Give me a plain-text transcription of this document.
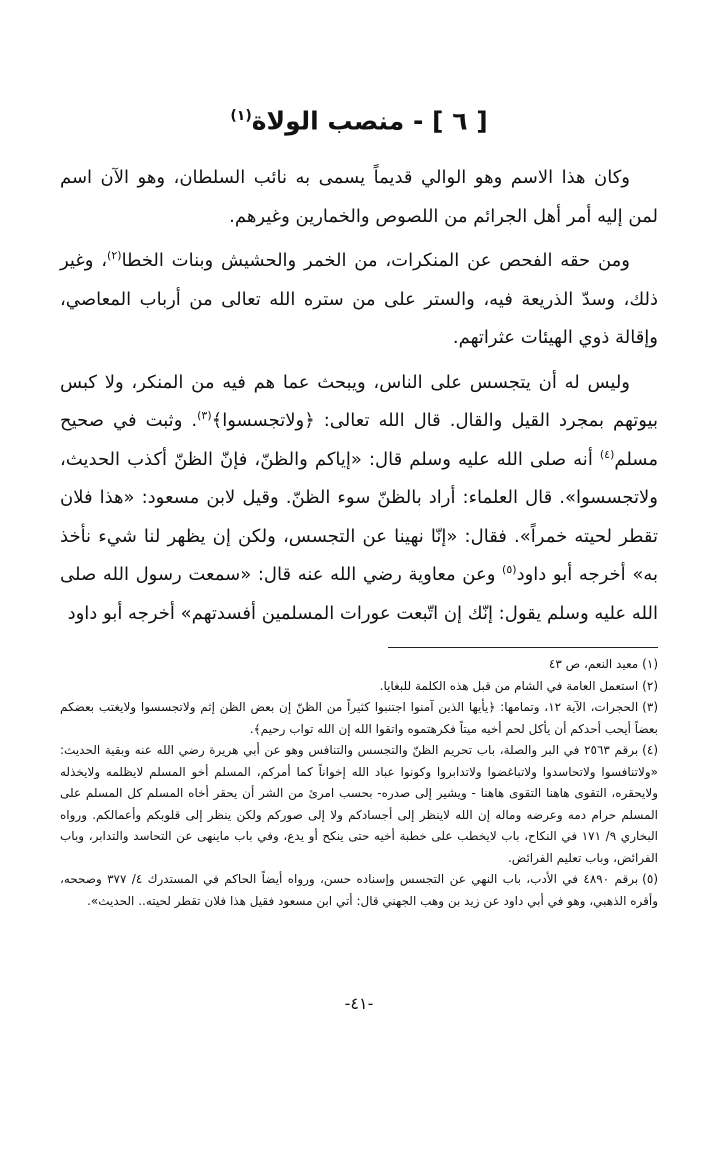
[ ٦ ] - منصب الولاة$^{(١)}$

وكان هذا الاسم وهو الوالي قديماً يسمى به نائب السلطان، وهو الآن اسم لمن إليه أمر أهل الجرائم من اللصوص والخمارين وغيرهم.

ومن حقه الفحص عن المنكرات، من الخمر والحشيش وبنات الخطا$^{(٢)}$، وغير ذلك، وسدّ الذريعة فيه، والستر على من ستره الله تعالى من أرباب المعاصي، وإقالة ذوي الهيئات عثراتهم.

وليس له أن يتجسس على الناس، ويبحث عما هم فيه من المنكر، ولا كبس بيوتهم بمجرد القيل والقال. قال الله تعالى: ﴿ولاتجسسوا﴾$^{(٣)}$. وثبت في صحيح مسلم$^{(٤)}$ أنه صلى الله عليه وسلم قال: «إياكم والظنّ، فإنّ الظنّ أكذب الحديث، ولاتجسسوا». قال العلماء: أراد بالظنّ سوء الظنّ. وقيل لابن مسعود: «هذا فلان تقطر لحيته خمراً». فقال: «إنّا نهينا عن التجسس، ولكن إن يظهر لنا شيء نأخذ به» أخرجه أبو داود$^{(٥)}$ وعن معاوية رضي الله عنه قال: «سمعت رسول الله صلى الله عليه وسلم يقول: إنّك إن اتّبعت عورات المسلمين أفسدتهم» أخرجه أبو داود

(١)معيد النعم، ص ٤٣
(٢)استعمل العامة في الشام من قبل هذه الكلمة للبغايا.
(٣)الحجرات، الآية ١٢، وتمامها: ﴿يأيها الذين آمنوا اجتنبوا كثيراً من الظنّ إن بعض الظن إثم ولاتجسسوا ولايغتب بعضكم بعضاً أيحب أحدكم أن يأكل لحم أخيه ميتاً فكرهتموه واتقوا الله إن الله تواب رحيم﴾.
(٤)برقم ٢٥٦٣ في البر والصلة، باب تحريم الظنّ والتجسس والتنافس وهو عن أبي هريرة رضي الله عنه وبقية الحديث: «ولاتنافسوا ولاتحاسدوا ولاتباغضوا ولاتدابروا وكونوا عباد الله إخواناً كما أمركم، المسلم أخو المسلم لايظلمه ولايخذله ولايحقره، التقوى هاهنا التقوى هاهنا - ويشير إلى صدره- بحسب امرئ من الشر أن يحقر أخاه المسلم كل المسلم على المسلم حرام دمه وعرضه وماله إن الله لاينظر إلى أجسادكم ولا إلى صوركم ولكن ينظر إلى قلوبكم وأعمالكم. ورواه البخاري ٩/ ١٧١ في النكاح، باب لايخطب على خطبة أخيه حتى ينكح أو يدع، وفي باب ماينهى عن التحاسد والتدابر، وباب الفرائض، وباب تعليم الفرائض.
(٥)برقم ٤٨٩٠ في الأدب، باب النهي عن التجسس وإسناده حسن، ورواه أيضاً الحاكم في المستدرك ٤/ ٣٧٧ وصححه، وأقره الذهبي، وهو في أبي داود عن زيد بن وهب الجهني قال: أتي ابن مسعود فقيل هذا فلان تقطر لحيته.. الحديث».
-٤١-
